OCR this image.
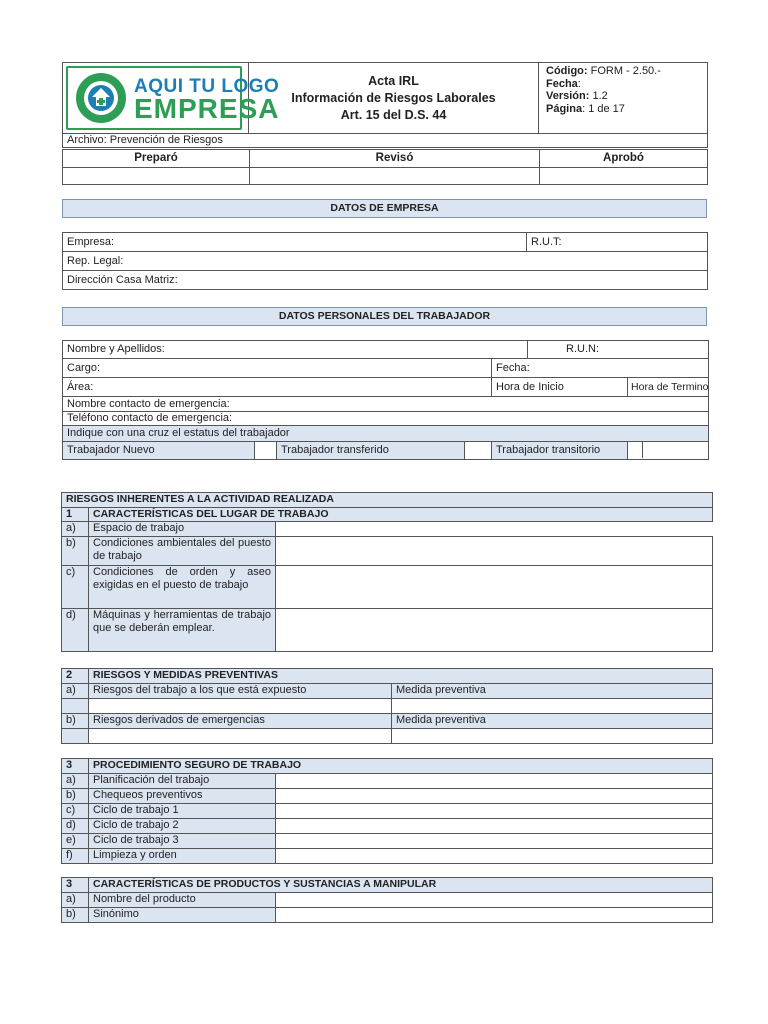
AQUI TU LOGO
EMPRESA

Acta IRL
Información de Riesgos Laborales
Art. 15 del D.S. 44

Código: FORM - 2.50.-
Fecha:
Versión: 1.2
Página: 1 de 17

Archivo: Prevención de Riesgos
Preparó	Revisó	Aprobó

DATOS DE EMPRESA
Empresa:	R.U.T:
Rep. Legal:
Dirección Casa Matriz:
DATOS PERSONALES DEL TRABAJADOR
Nombre y Apellidos:					R.U.N:	
Cargo:				Fecha:		
Área:				Hora de Inicio		Hora de Termino
Nombre contacto de emergencia:						
Teléfono contacto de emergencia:						
Indique con una cruz el estatus del trabajador						
Trabajador Nuevo		Trabajador transferido		Trabajador transitorio		
RIESGOS INHERENTES A LA ACTIVIDAD REALIZADA		
1	CARACTERÍSTICAS DEL LUGAR DE TRABAJO	
a)	Espacio de trabajo	
b)	Condiciones ambientales del puesto de trabajo	
c)	Condiciones de orden y aseo exigidas en el puesto de trabajo	
d)	Máquinas y herramientas de trabajo que se deberán emplear.	
2	RIESGOS Y MEDIDAS PREVENTIVAS	
a)	Riesgos del trabajo a los que está expuesto	Medida preventiva

b)	Riesgos derivados de emergencias	Medida preventiva

3	PROCEDIMIENTO SEGURO DE TRABAJO	
a)	Planificación del trabajo	
b)	Chequeos preventivos	
c)	Ciclo de trabajo 1	
d)	Ciclo de trabajo 2	
e)	Ciclo de trabajo 3	
f)	Limpieza y orden	
3	CARACTERÍSTICAS DE PRODUCTOS Y SUSTANCIAS A MANIPULAR	
a)	Nombre del producto	
b)	Sinónimo	
